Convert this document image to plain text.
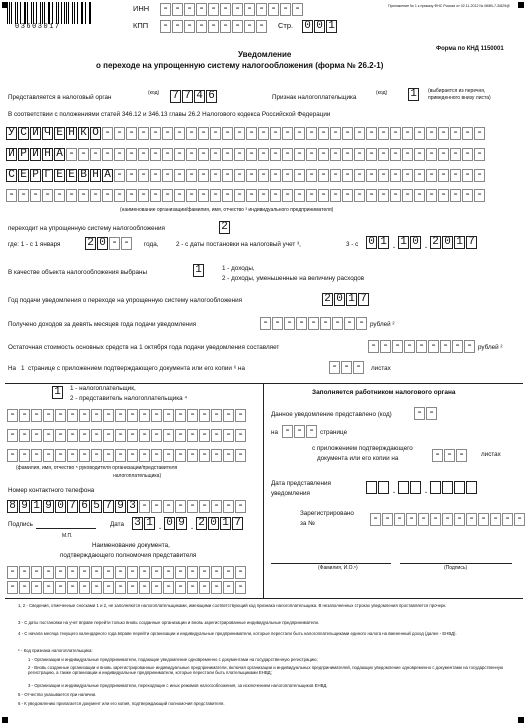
03603017
ИНН - - - - - - - - - - - -
КПП - - - - - - - - - Стр. 0 0 1
Приложение № 1 к приказу ФНС России от 02.11.2012 № ММВ-7-3/829@
Форма по КНД 1150001
Уведомление
о переходе на упрощенную систему налогообложения (форма № 26.2-1)
Представляется в налоговый орган
(код) 7 7 4 6	Признак налогоплательщика
(код) 1	(выбирается из перечня,
приведенного внизу листа)
В соответствии с положениями статей 346.12 и 346.13 главы 26.2 Налогового кодекса Российской Федерации
У С И Ч Е Н К О - - - - - - - - - - - - - - - - - - - - - - - - - - - - - - - -
И Р И Н А - - - - - - - - - - - - - - - - - - - - - - - - - - - - - - - - - - -
С Е Р Г Е Е В Н А - - - - - - - - - - - - - - - - - - - - - - - - - - - - - - -
- - - - - - - - - - - - - - - - - - - - - - - - - - - - - - - - - - - - - - - -
(наименование организации/фамилия, имя, отчество ³ индивидуального предпринимателя)
переходит на упрощенную систему налогообложения	2
где: 1 - с 1 января 2 0 - -	года,	2 - с даты постановки на налоговый учет ³,	3 - с 0 1 . 1 0 . 2 0 1 7
В качестве объекта налогообложения выбраны	1	1 - доходы,
2 - доходы, уменьшенные на величину расходов
Год подачи уведомления о переходе на упрощенную систему налогообложения	2 0 1 7
Получено доходов за девять месяцев года подачи уведомления	- - - - - - - - - рублей ²
Остаточная стоимость основных средств на 1 октября года подачи уведомления составляет	- - - - - - - - - рублей ²
На 1 странице с приложением подтверждающего документа или его копии ⁶ на	- - -	листах
1	1 - налогоплательщик,
2 - представитель налогоплательщика ⁴
- - - - - - - - - - - - - - - - - - - -
- - - - - - - - - - - - - - - - - - - -
- - - - - - - - - - - - - - - - - - - -
(фамилия, имя, отчество ⁵ руководителя организации/представителя
налогоплательщика)
Номер контактного телефона
8 9 1 9 0 7 6 5 7 9 3 - - - - - - - - -
Подпись	Дата 3 1 . 0 9 . 2 0 1 7
М.П.
Наименование документа,
подтверждающего полномочия представителя
- - - - - - - - - - - - - - - - - - - -
- - - - - - - - - - - - - - - - - - - -
Заполняется работником налогового органа
Данное уведомление представлено (код) - -
на - - - странице
с приложением подтверждающего
документа или его копии на	- - -	листах
Дата представления
уведомления	.	.
Зарегистрировано
за №	- - - - - - - - - - - - -
(Фамилия, И.О.⁵)	(Подпись)
1, 2 - Сведения, отмеченные сносками 1 и 2, не заполняются налогоплательщиками, имеющими соответствующий код признака налогоплательщика. В незаполненных строках уведомления проставляется прочерк.
3 - С даты постановки на учет вправе перейти только вновь созданные организации и вновь зарегистрированные индивидуальные предприниматели.
4 - С начала месяца текущего календарного года вправе перейти организации и индивидуальные предприниматели, которые перестали быть налогоплательщиками единого налога на вмененный доход (далее - ЕНВД).
⁵ - Код признака налогоплательщика:
1 - Организации и индивидуальные предприниматели, подающие уведомление одновременно с документами на государственную регистрацию;
2 - Вновь созданные организации и вновь зарегистрированные индивидуальные предприниматели, включая организации и индивидуальных предпринимателей, подающих уведомление одновременно с документами на государственную регистрацию, а также организации и индивидуальные предприниматели, которые перестали быть плательщиками ЕНВД;
3 - Организации и индивидуальные предприниматели, переходящие с иных режимов налогообложения, за исключением налогоплательщиков ЕНВД.
5 - Отчество указывается при наличии.
6 - К уведомлению прилагается документ или его копия, подтверждающий полномочия представителя.
